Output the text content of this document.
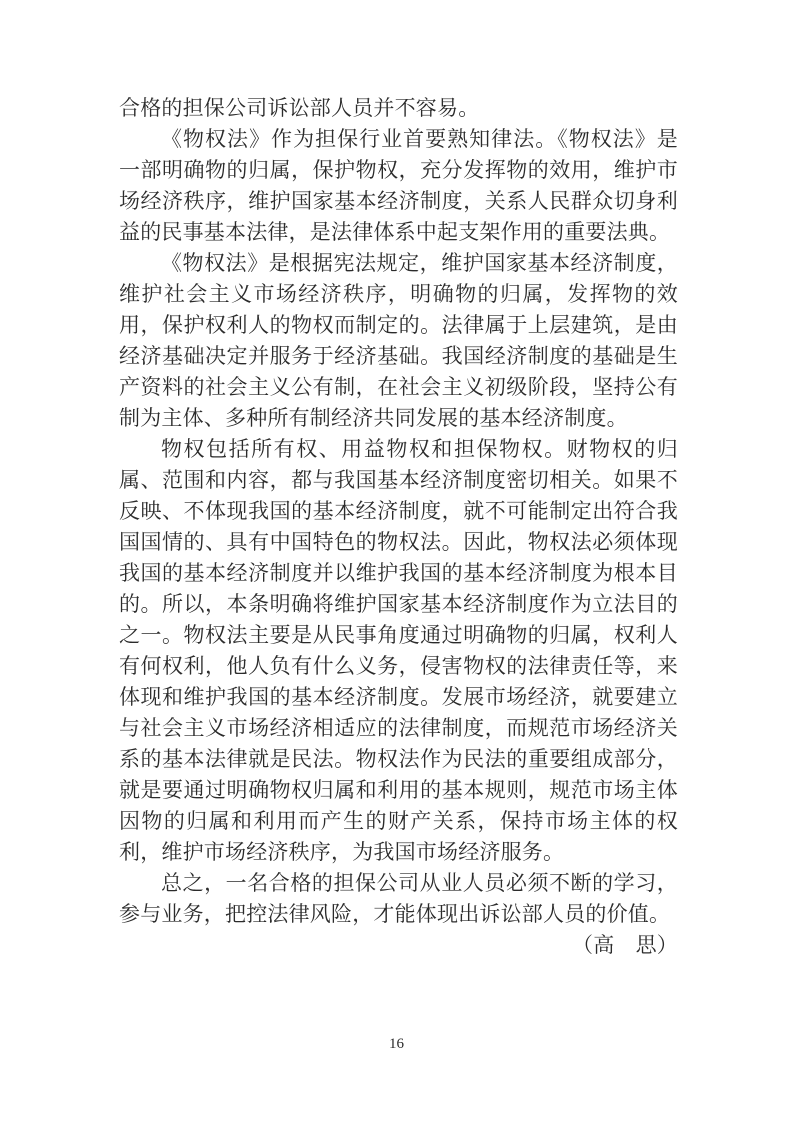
合格的担保公司诉讼部人员并不容易。

《物权法》作为担保行业首要熟知律法。《物权法》是一部明确物的归属，保护物权，充分发挥物的效用，维护市场经济秩序，维护国家基本经济制度，关系人民群众切身利益的民事基本法律，是法律体系中起支架作用的重要法典。

《物权法》是根据宪法规定，维护国家基本经济制度，维护社会主义市场经济秩序，明确物的归属，发挥物的效用，保护权利人的物权而制定的。法律属于上层建筑，是由经济基础决定并服务于经济基础。我国经济制度的基础是生产资料的社会主义公有制，在社会主义初级阶段，坚持公有制为主体、多种所有制经济共同发展的基本经济制度。

物权包括所有权、用益物权和担保物权。财物权的归属、范围和内容，都与我国基本经济制度密切相关。如果不反映、不体现我国的基本经济制度，就不可能制定出符合我国国情的、具有中国特色的物权法。因此，物权法必须体现我国的基本经济制度并以维护我国的基本经济制度为根本目的。所以，本条明确将维护国家基本经济制度作为立法目的之一。物权法主要是从民事角度通过明确物的归属，权利人有何权利，他人负有什么义务，侵害物权的法律责任等，来体现和维护我国的基本经济制度。发展市场经济，就要建立与社会主义市场经济相适应的法律制度，而规范市场经济关系的基本法律就是民法。物权法作为民法的重要组成部分，就是要通过明确物权归属和利用的基本规则，规范市场主体因物的归属和利用而产生的财产关系，保持市场主体的权利，维护市场经济秩序，为我国市场经济服务。

总之，一名合格的担保公司从业人员必须不断的学习，参与业务，把控法律风险，才能体现出诉讼部人员的价值。

（高　思）

16
